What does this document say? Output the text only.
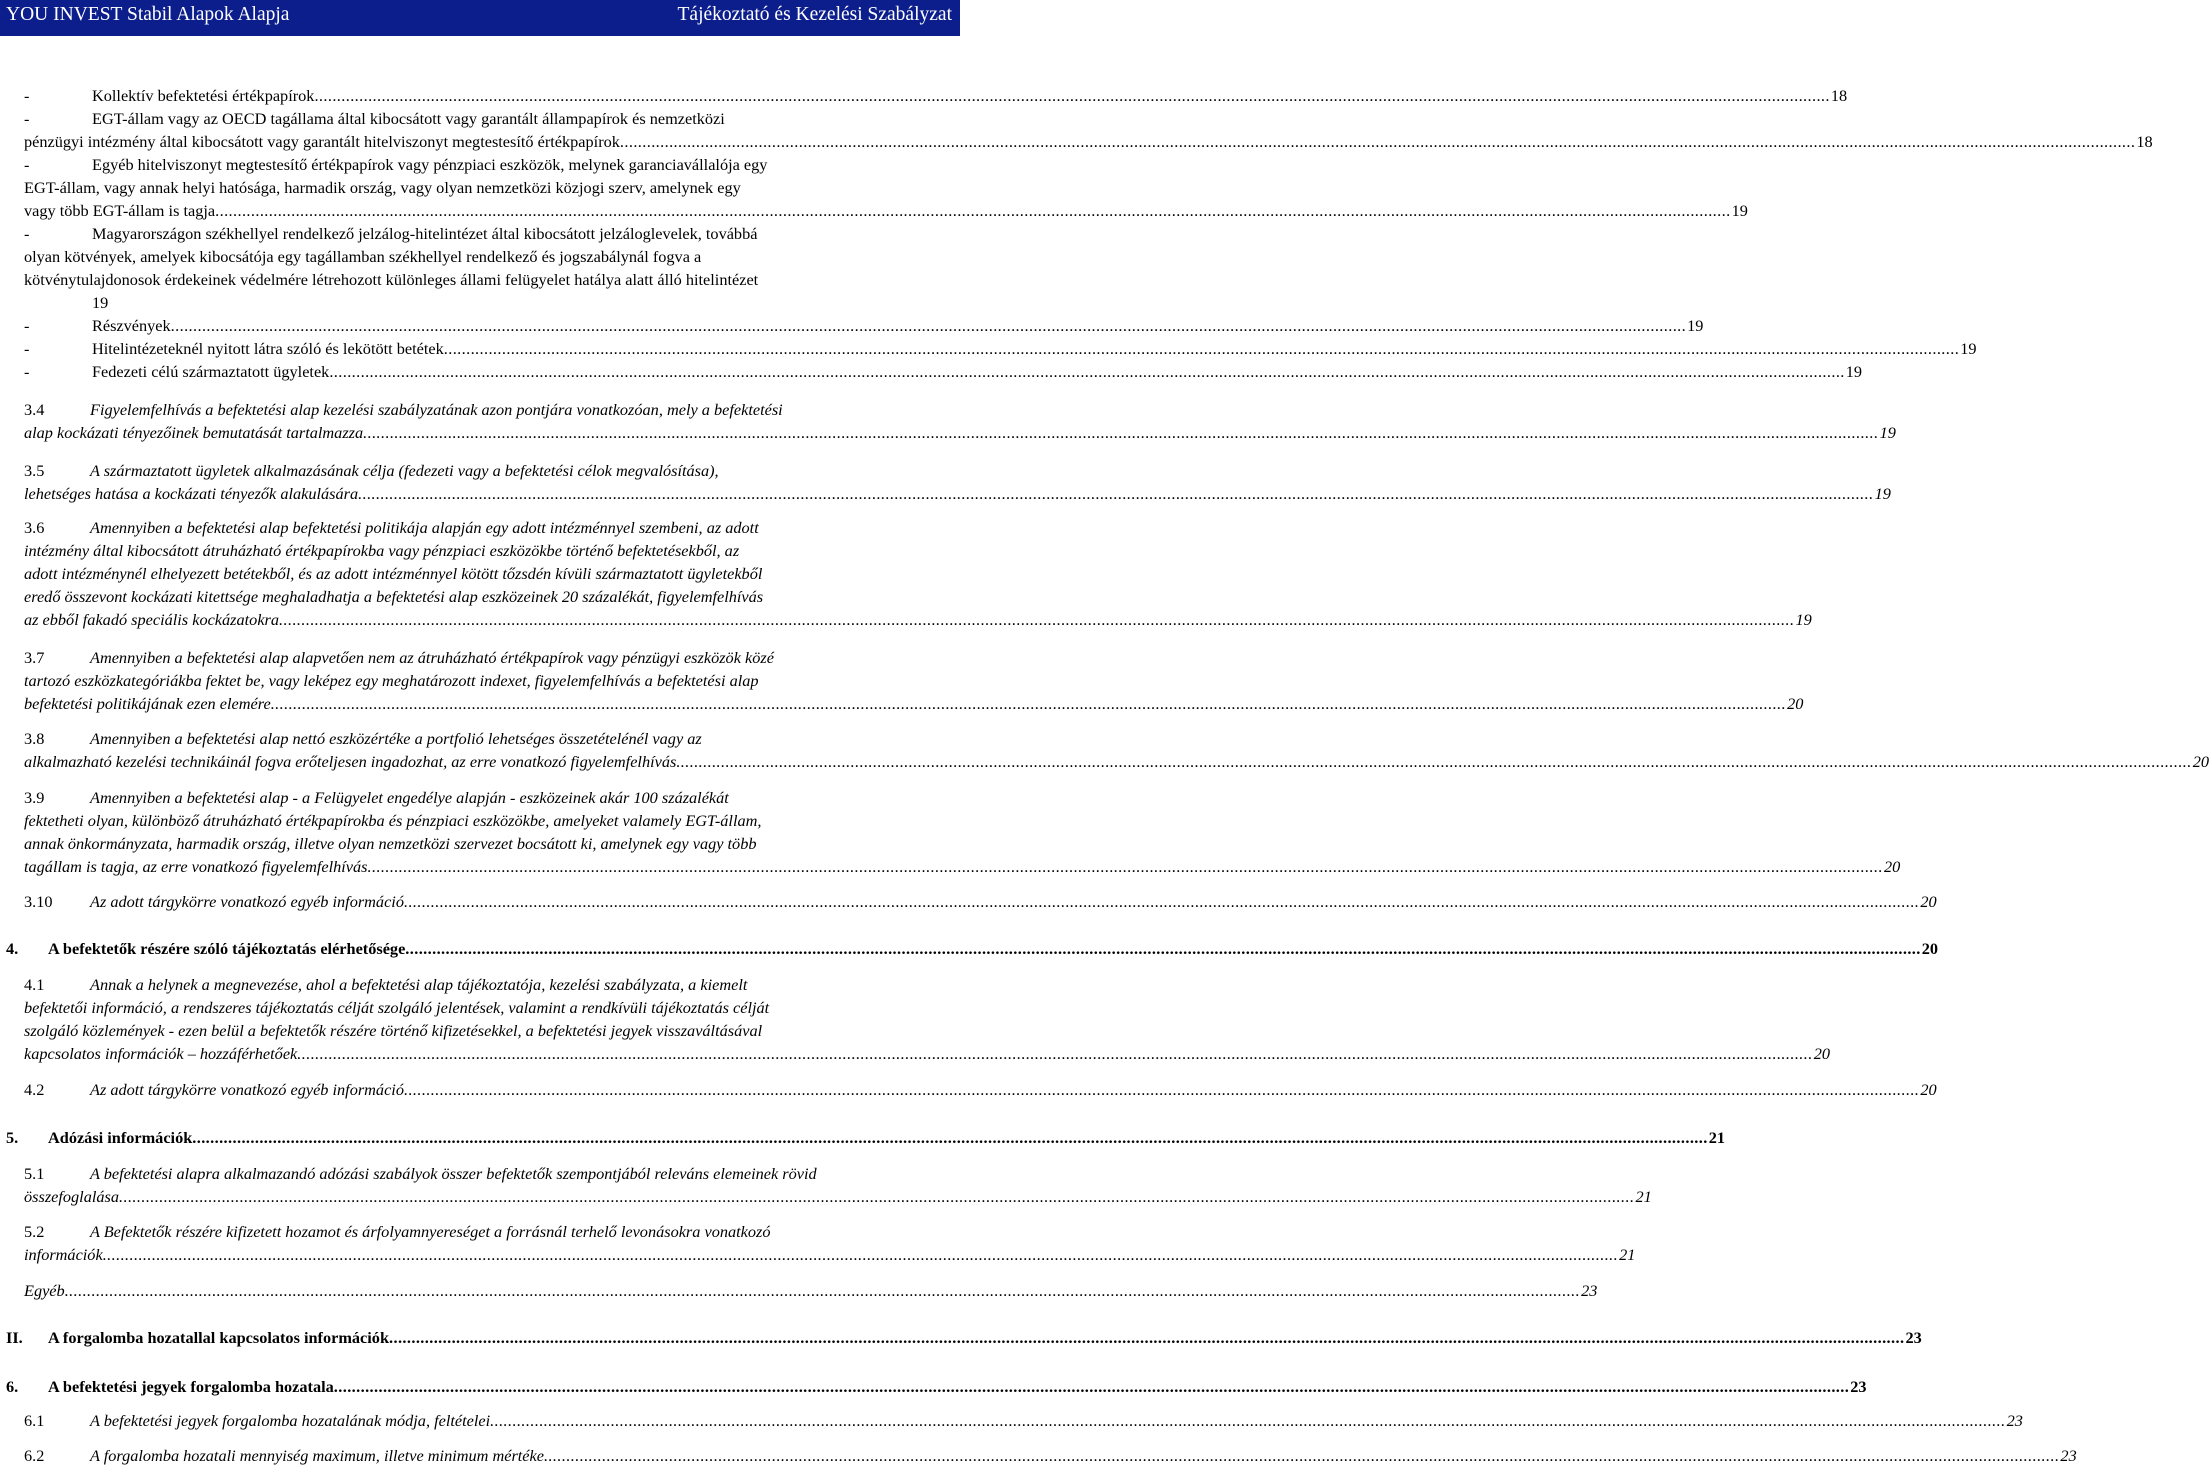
YOU INVEST Stabil Alapok Alapja	Tájékoztató és Kezelési Szabályzat
-	Kollektív befektetési értékpapírok .....	18
-	EGT-állam vagy az OECD tagállama által kibocsátott vagy garantált állampapírok és nemzetközi
pénzügyi intézmény által kibocsátott vagy garantált hitelviszonyt megtestesítő értékpapírok .....	18
-	Egyéb hitelviszonyt megtestesítő értékpapírok vagy pénzpiaci eszközök, melynek garanciavállalója egy
EGT-állam, vagy annak helyi hatósága, harmadik ország, vagy olyan nemzetközi közjogi szerv, amelynek egy
vagy több EGT-állam is tagja .....	19
-	Magyarországon székhellyel rendelkező jelzálog-hitelintézet által kibocsátott jelzáloglevelek, továbbá
olyan kötvények, amelyek kibocsátója egy tagállamban székhellyel rendelkező és jogszabálynál fogva a
kötvénytulajdonosok érdekeinek védelmére létrehozott különleges állami felügyelet hatálya alatt álló hitelintézet
19
-	Részvények .....	19
-	Hitelintézeteknél nyitott látra szóló és lekötött betétek .....	19
-	Fedezeti célú származtatott ügyletek .....	19
3.4	Figyelemfelhívás a befektetési alap kezelési szabályzatának azon pontjára vonatkozóan, mely a befektetési
alap kockázati tényezőinek bemutatását tartalmazza .....	19
3.5	A származtatott ügyletek alkalmazásának célja (fedezeti vagy a befektetési célok megvalósítása),
lehetséges hatása a kockázati tényezők alakulására .....	19
3.6	Amennyiben a befektetési alap befektetési politikája alapján egy adott intézménnyel szembeni, az adott
intézmény által kibocsátott átruházható értékpapírokba vagy pénzpiaci eszközökbe történő befektetésekből, az
adott intézménynél elhelyezett betétekből, és az adott intézménnyel kötött tőzsdén kívüli származtatott ügyletekből
eredő összevont kockázati kitettsége meghaladhatja a befektetési alap eszközeinek 20 százalékát, figyelemfelhívás
az ebből fakadó speciális kockázatokra .....	19
3.7	Amennyiben a befektetési alap alapvetően nem az átruházható értékpapírok vagy pénzügyi eszközök közé
tartozó eszközkategóriákba fektet be, vagy leképez egy meghatározott indexet, figyelemfelhívás a befektetési alap
befektetési politikájának ezen elemére .....	20
3.8	Amennyiben a befektetési alap nettó eszközértéke a portfolió lehetséges összetételénél vagy az
alkalmazható kezelési technikáinál fogva erőteljesen ingadozhat, az erre vonatkozó figyelemfelhívás .....	20
3.9	Amennyiben a befektetési alap - a Felügyelet engedélye alapján - eszközeinek akár 100 százalékát
fektetheti olyan, különböző átruházható értékpapírokba és pénzpiaci eszközökbe, amelyeket valamely EGT-állam,
annak önkormányzata, harmadik ország, illetve olyan nemzetközi szervezet bocsátott ki, amelynek egy vagy több
tagállam is tagja, az erre vonatkozó figyelemfelhívás .....	20
3.10 Az adott tárgykörre vonatkozó egyéb információ .....	20
4. A befektetők részére szóló tájékoztatás elérhetősége .....	20
4.1	Annak a helynek a megnevezése, ahol a befektetési alap tájékoztatója, kezelési szabályzata, a kiemelt
befektetői információ, a rendszeres tájékoztatás célját szolgáló jelentések, valamint a rendkívüli tájékoztatás célját
szolgáló közlemények - ezen belül a befektetők részére történő kifizetésekkel, a befektetési jegyek visszaváltásával
kapcsolatos információk – hozzáférhetőek .....	20
4.2	Az adott tárgykörre vonatkozó egyéb információ .....	20
5. Adózási információk .....	21
5.1	A befektetési alapra alkalmazandó adózási szabályok összer befektetők szempontjából releváns elemeinek rövid
összefoglalása .....	21
5.2	A Befektetők részére kifizetett hozamot és árfolyamnyereséget a forrásnál terhelő levonásokra vonatkozó
információk .....	21
Egyéb .....	23
II. A forgalomba hozatallal kapcsolatos információk .....	23
6. A befektetési jegyek forgalomba hozatala .....	23
6.1	A befektetési jegyek forgalomba hozatalának módja, feltételei .....	23
6.2	A forgalomba hozatali mennyiség maximum, illetve minimum mértéke .....	23
